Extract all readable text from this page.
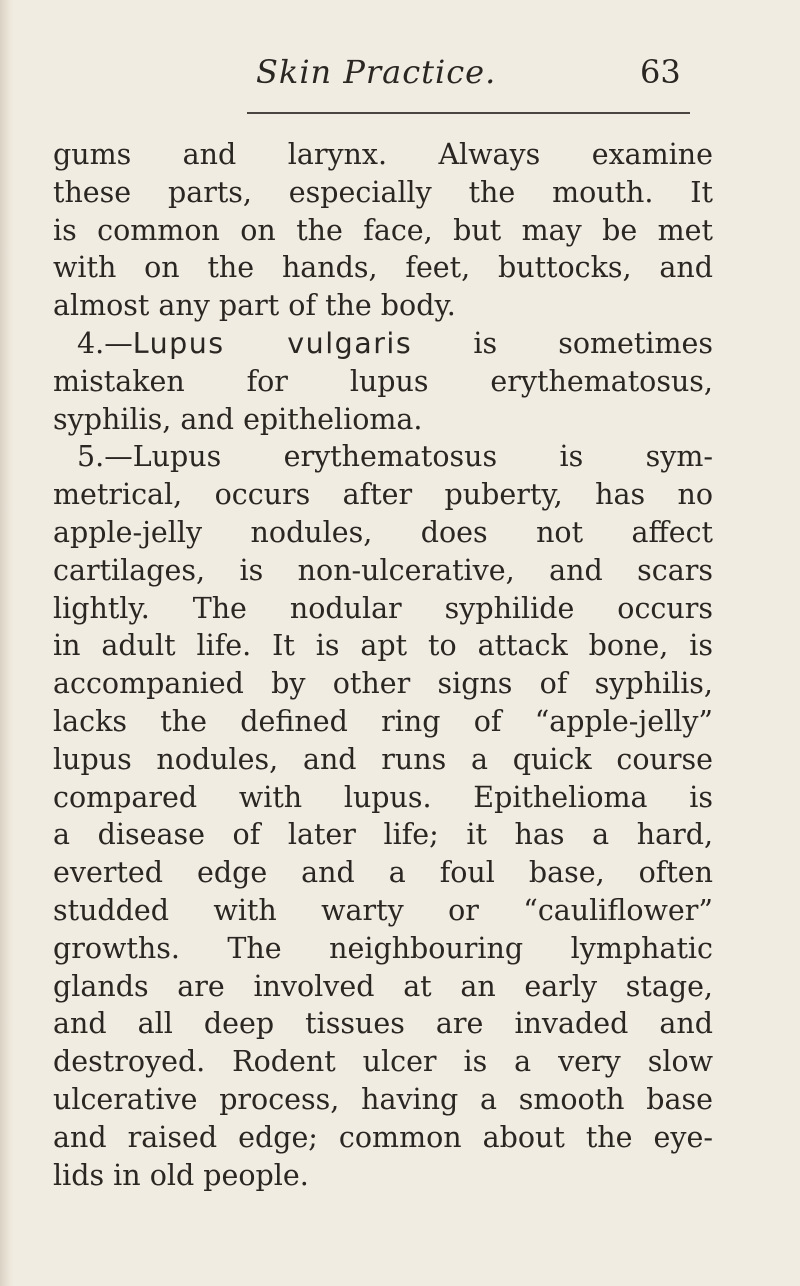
Skin Practice.	63
gums and larynx. Always examine
these parts, especially the mouth. It
is common on the face, but may be met
with on the hands, feet, buttocks, and
almost any part of the body.
4.—Lupus vulgaris is sometimes
mistaken for lupus erythematosus,
syphilis, and epithelioma.
5.—Lupus erythematosus is sym-
metrical, occurs after puberty, has no
apple-jelly nodules, does not affect
cartilages, is non-ulcerative, and scars
lightly. The nodular syphilide occurs
in adult life. It is apt to attack bone, is
accompanied by other signs of syphilis,
lacks the defined ring of “apple-jelly”
lupus nodules, and runs a quick course
compared with lupus. Epithelioma is
a disease of later life; it has a hard,
everted edge and a foul base, often
studded with warty or “cauliflower”
growths. The neighbouring lymphatic
glands are involved at an early stage,
and all deep tissues are invaded and
destroyed. Rodent ulcer is a very slow
ulcerative process, having a smooth base
and raised edge; common about the eye-
lids in old people.
